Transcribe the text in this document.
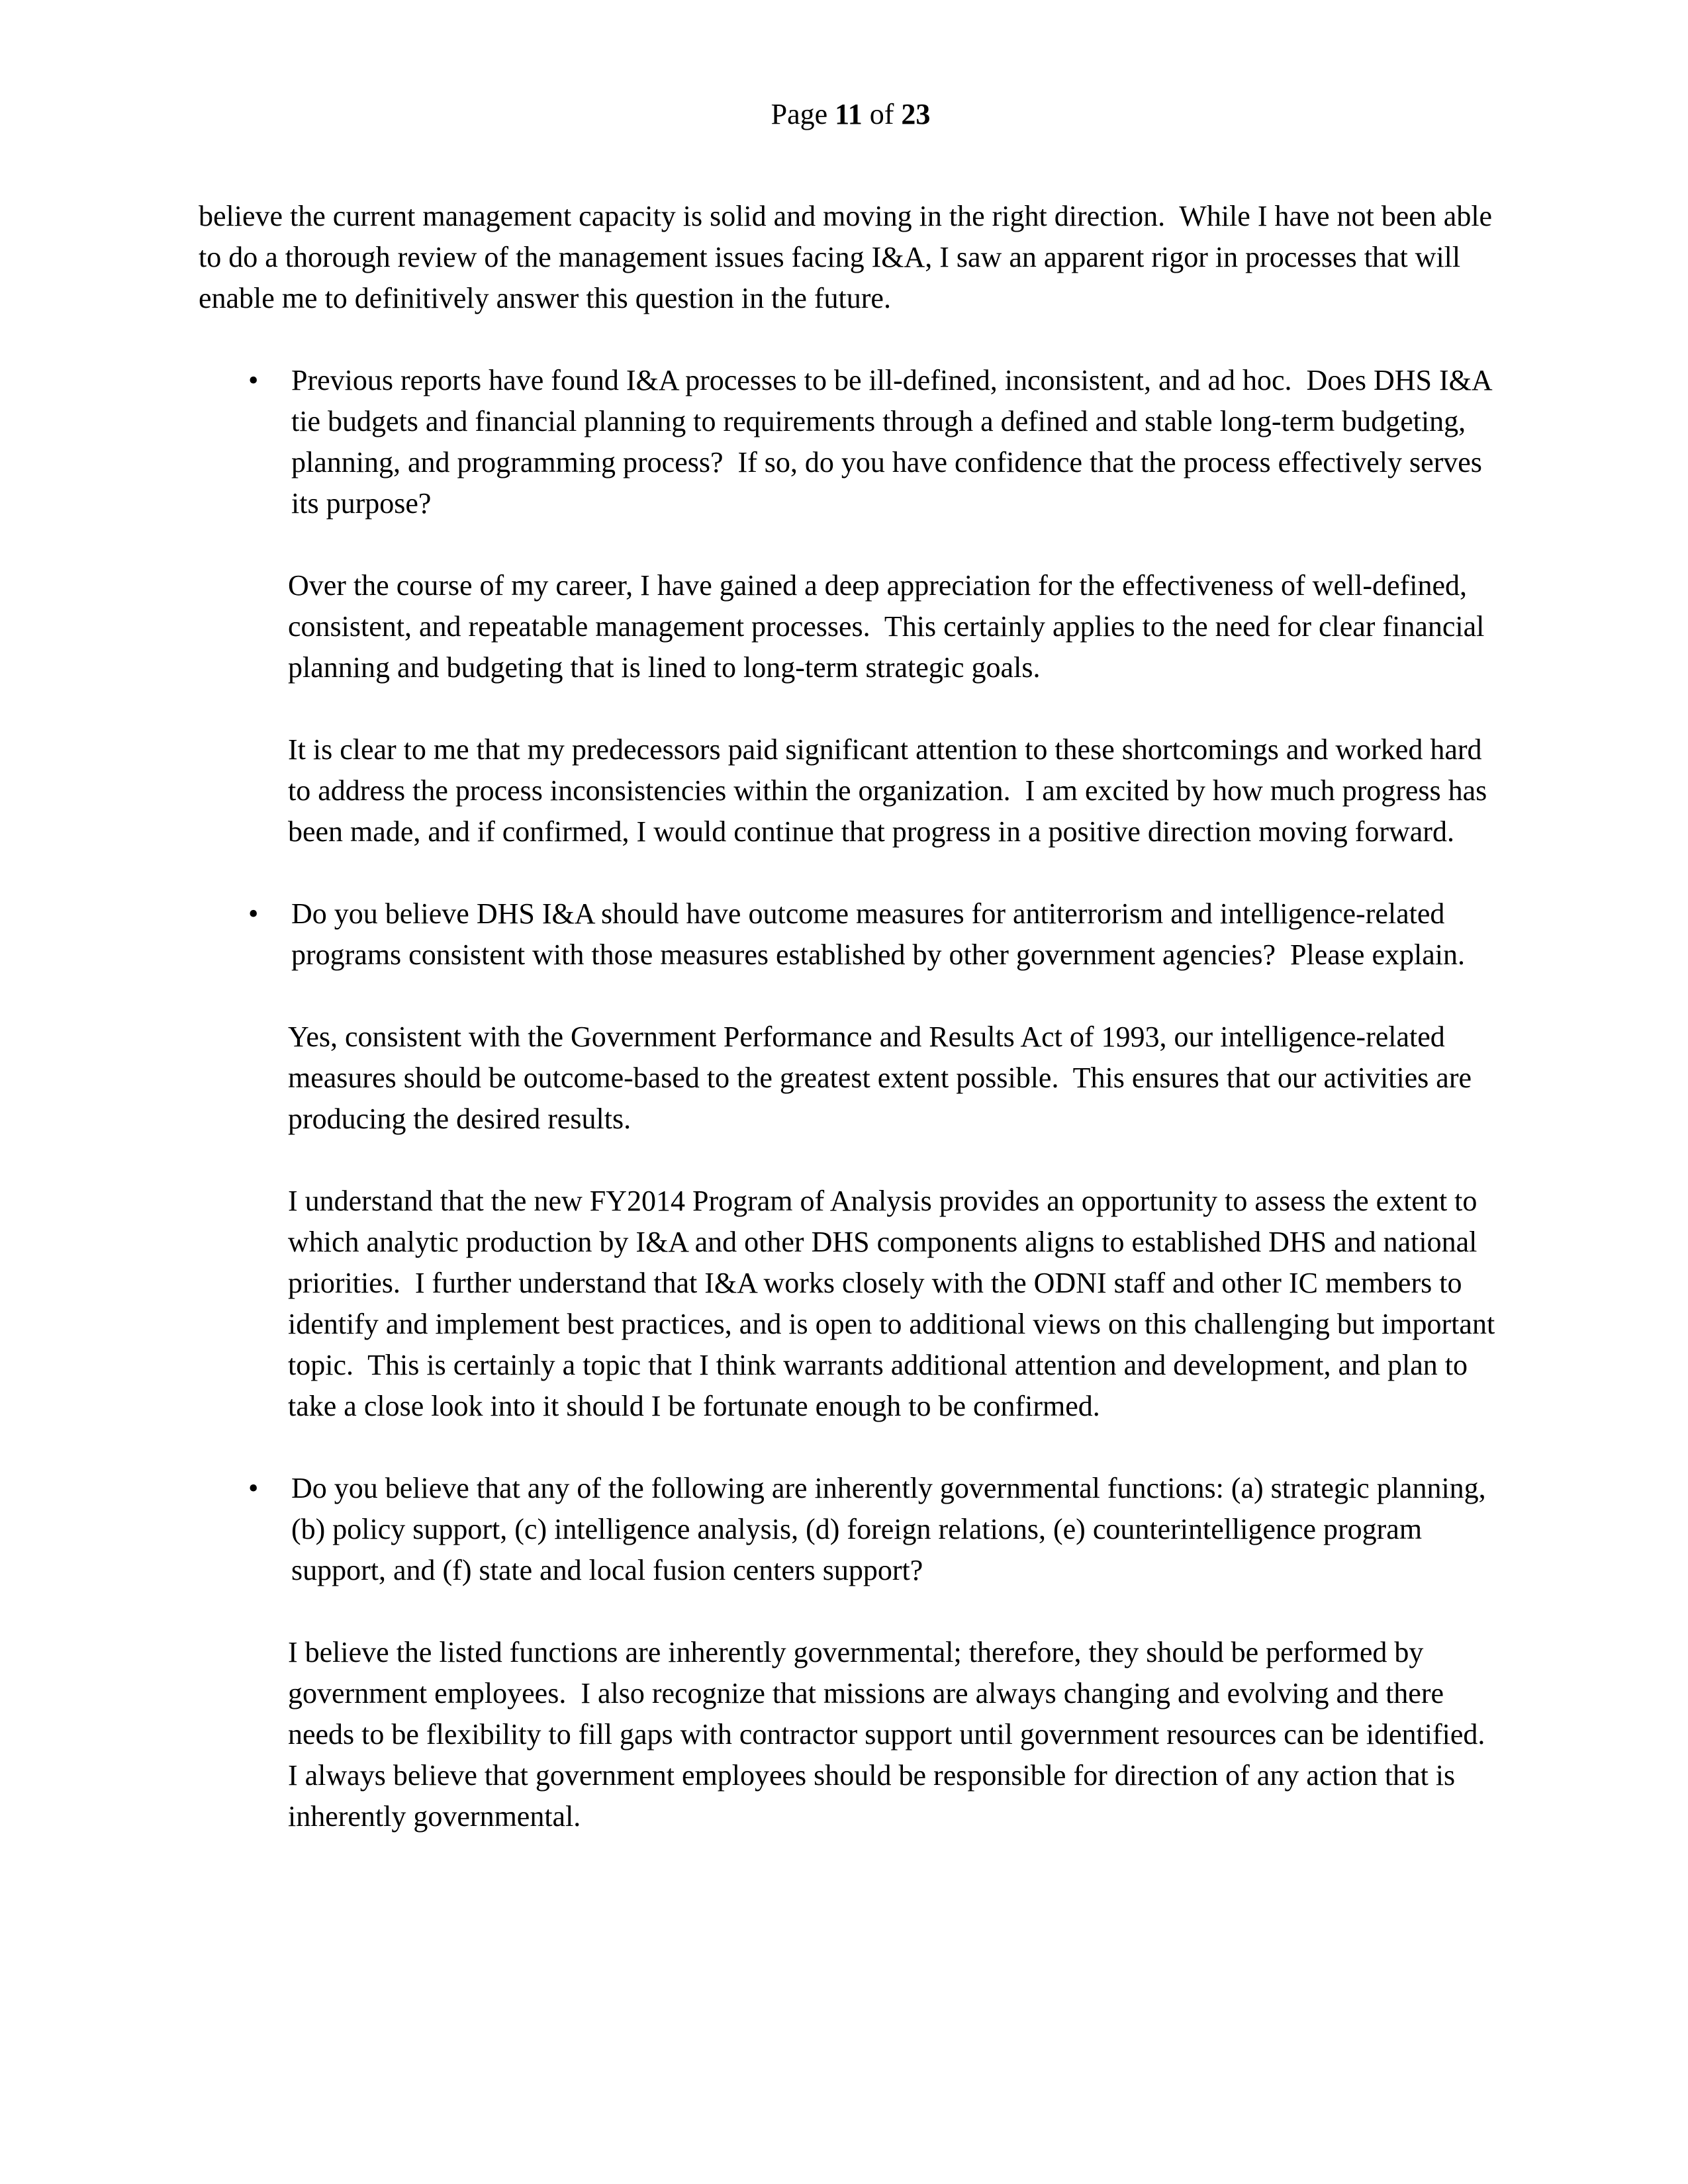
Page 11 of 23

believe the current management capacity is solid and moving in the right direction.  While I have not been able to do a thorough review of the management issues facing I&A, I saw an apparent rigor in processes that will enable me to definitively answer this question in the future.

• Previous reports have found I&A processes to be ill-defined, inconsistent, and ad hoc.  Does DHS I&A tie budgets and financial planning to requirements through a defined and stable long-term budgeting, planning, and programming process?  If so, do you have confidence that the process effectively serves its purpose?

Over the course of my career, I have gained a deep appreciation for the effectiveness of well-defined, consistent, and repeatable management processes.  This certainly applies to the need for clear financial planning and budgeting that is lined to long-term strategic goals.

It is clear to me that my predecessors paid significant attention to these shortcomings and worked hard to address the process inconsistencies within the organization.  I am excited by how much progress has been made, and if confirmed, I would continue that progress in a positive direction moving forward.

• Do you believe DHS I&A should have outcome measures for antiterrorism and intelligence-related programs consistent with those measures established by other government agencies?  Please explain.

Yes, consistent with the Government Performance and Results Act of 1993, our intelligence-related measures should be outcome-based to the greatest extent possible.  This ensures that our activities are producing the desired results.

I understand that the new FY2014 Program of Analysis provides an opportunity to assess the extent to which analytic production by I&A and other DHS components aligns to established DHS and national priorities.  I further understand that I&A works closely with the ODNI staff and other IC members to identify and implement best practices, and is open to additional views on this challenging but important topic.  This is certainly a topic that I think warrants additional attention and development, and plan to take a close look into it should I be fortunate enough to be confirmed.

• Do you believe that any of the following are inherently governmental functions: (a) strategic planning, (b) policy support, (c) intelligence analysis, (d) foreign relations, (e) counterintelligence program support, and (f) state and local fusion centers support?

I believe the listed functions are inherently governmental; therefore, they should be performed by government employees.  I also recognize that missions are always changing and evolving and there needs to be flexibility to fill gaps with contractor support until government resources can be identified.  I always believe that government employees should be responsible for direction of any action that is inherently governmental.
